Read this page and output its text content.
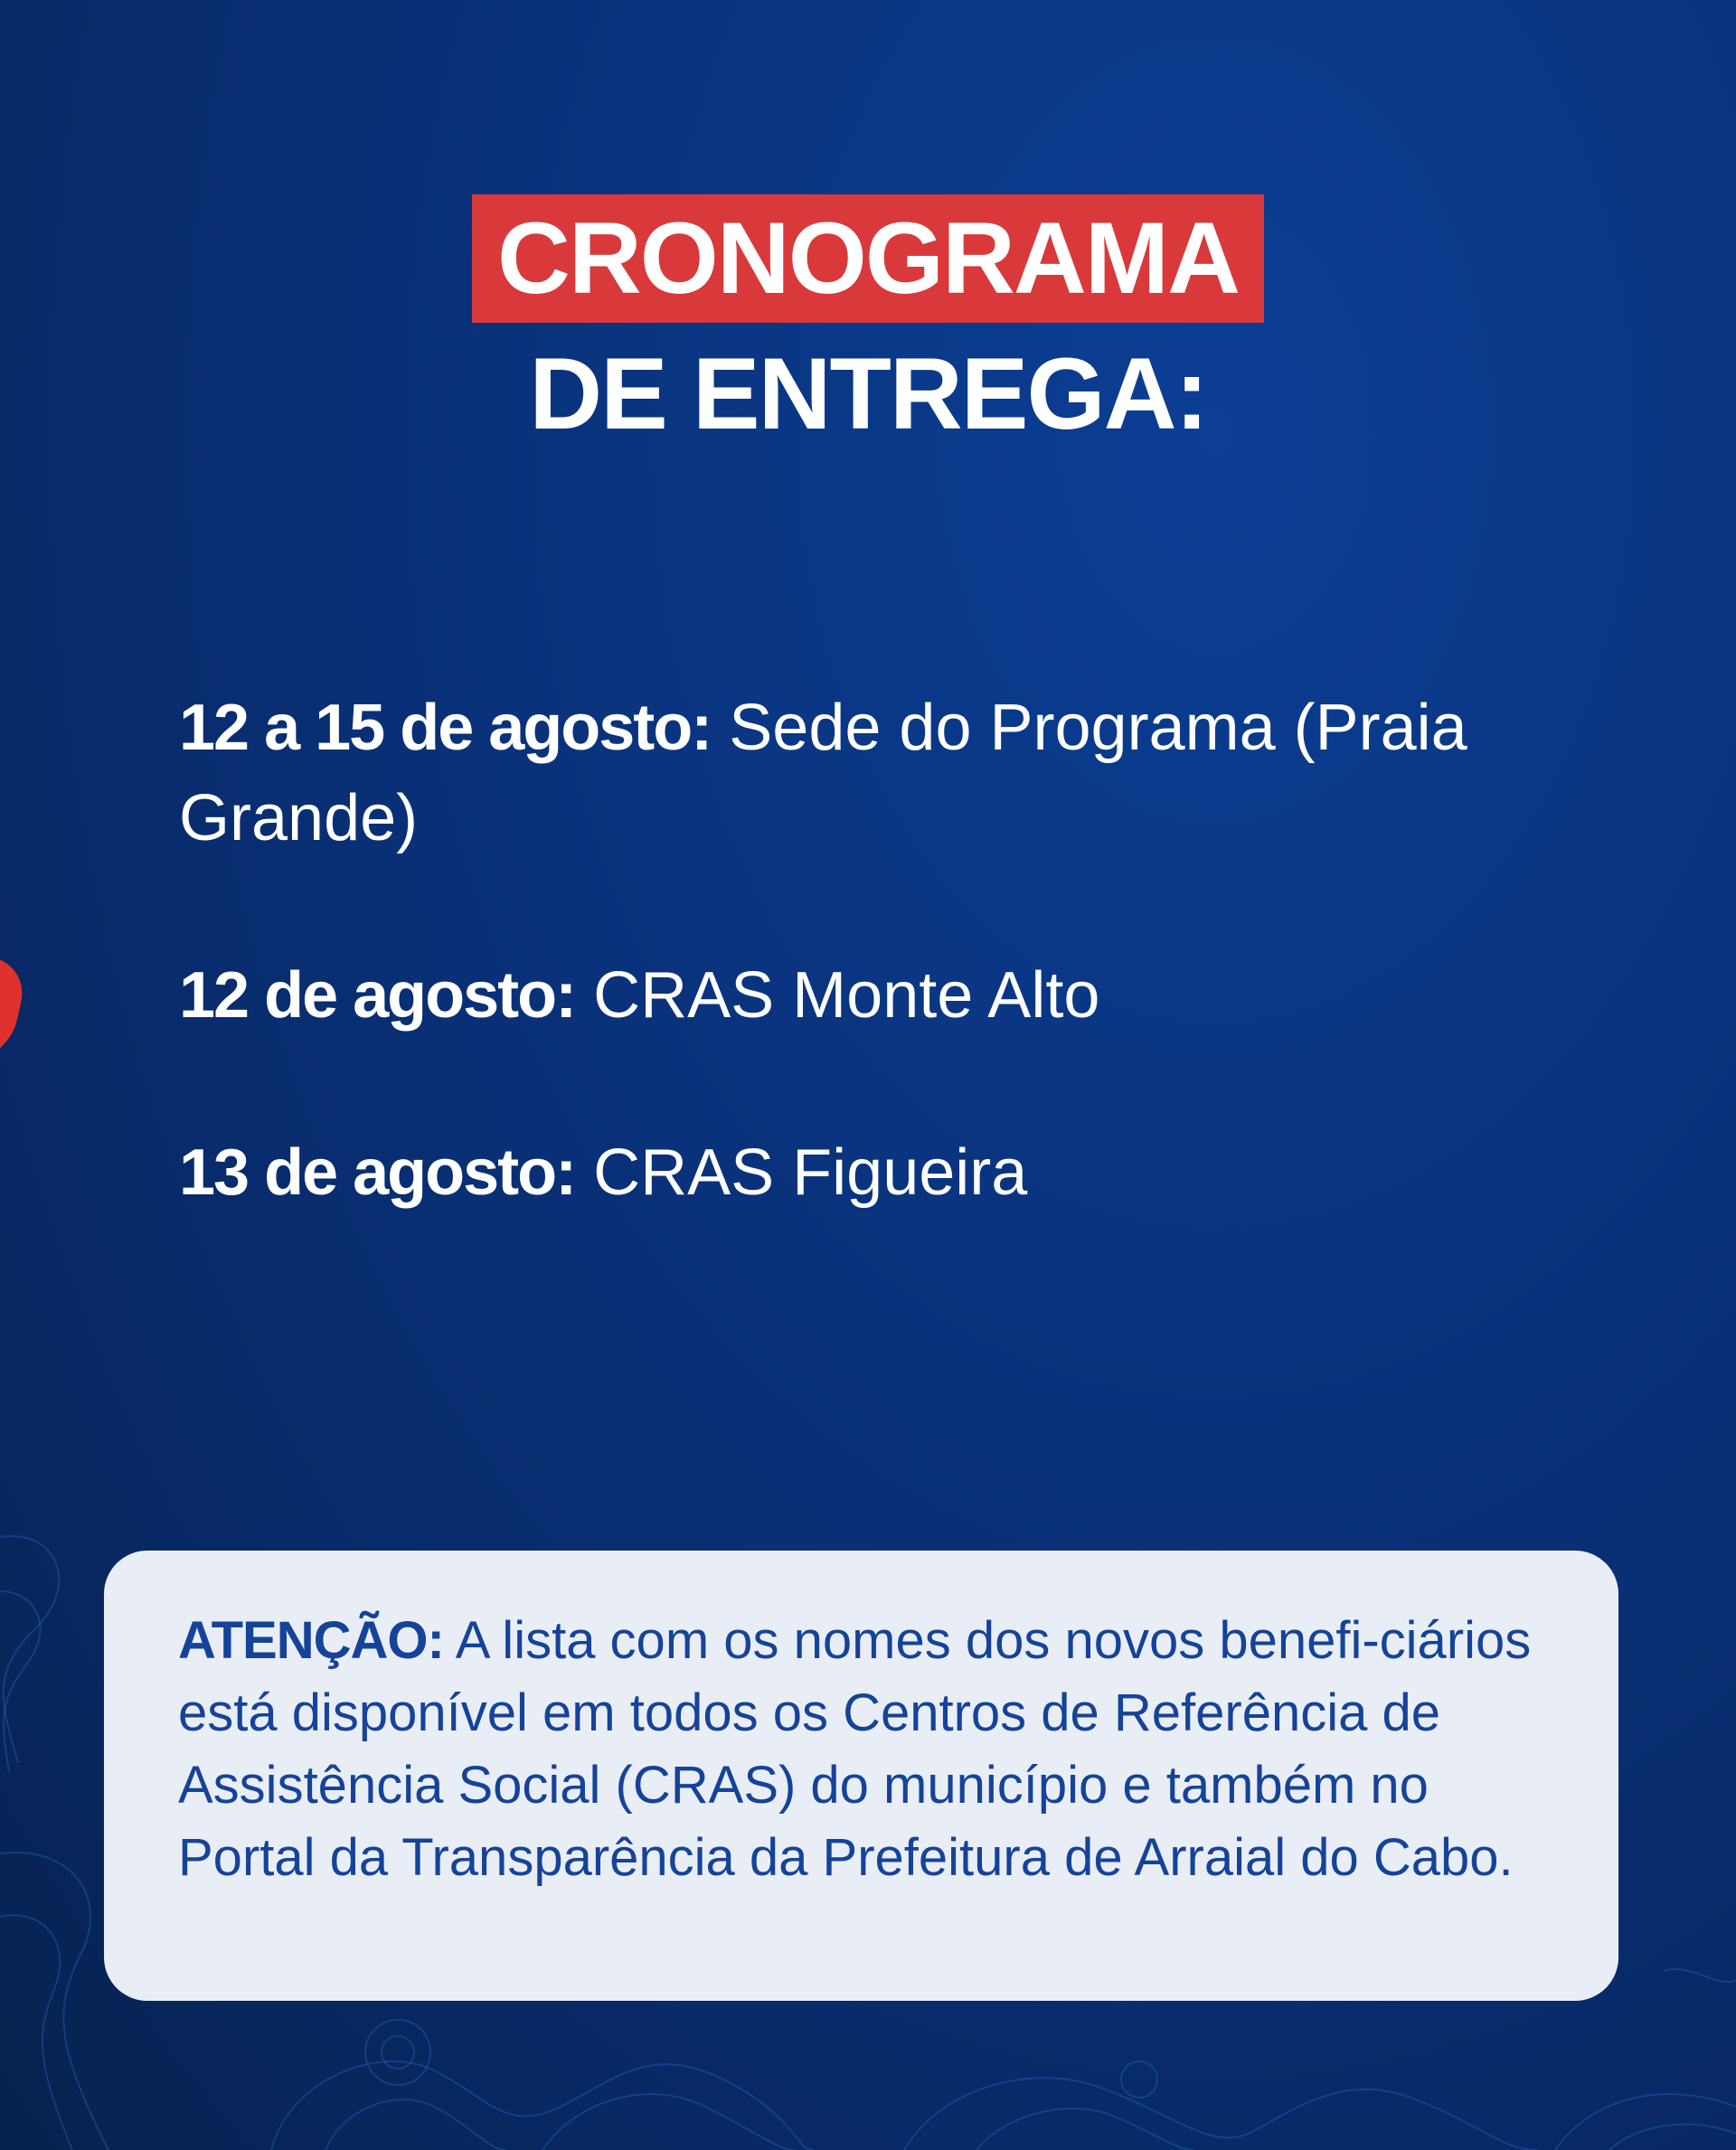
CRONOGRAMA
DE ENTREGA:
12 a 15 de agosto: Sede do Programa (Praia Grande)
12 de agosto: CRAS Monte Alto
13 de agosto: CRAS Figueira
ATENÇÃO: A lista com os nomes dos novos benefi-ciários está disponível em todos os Centros de Referência de Assistência Social (CRAS) do município e também no Portal da Transparência da Prefeitura de Arraial do Cabo.
